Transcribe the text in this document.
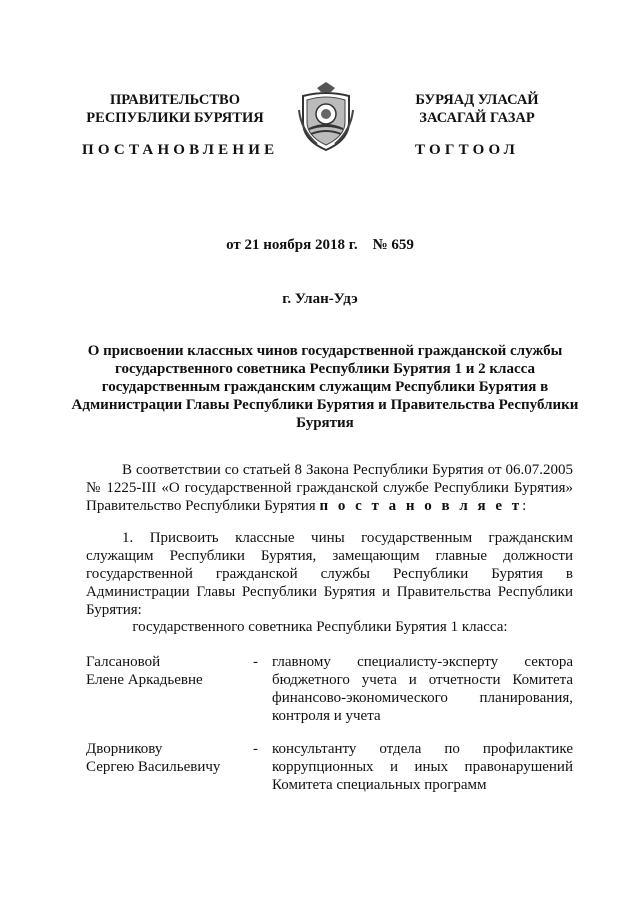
ПРАВИТЕЛЬСТВО
РЕСПУБЛИКИ БУРЯТИЯ
БУРЯАД УЛАСАЙ
ЗАСАГАЙ ГАЗАР
ПОСТАНОВЛЕНИЕ	ТОГТООЛ
от 21 ноября 2018 г.    № 659
г. Улан-Удэ
О присвоении классных чинов государственной гражданской службы государственного советника Республики Бурятия 1 и 2 класса государственным гражданским служащим Республики Бурятия в Администрации Главы Республики Бурятия и Правительства Республики Бурятия
В соответствии со статьей 8 Закона Республики Бурятия от 06.07.2005 № 1225-III «О государственной гражданской службе Республики Бурятия» Правительство Республики Бурятия п о с т а н о в л я е т:
1. Присвоить классные чины государственным гражданским служащим Республики Бурятия, замещающим главные должности государственной гражданской службы Республики Бурятия в Администрации Главы Республики Бурятия и Правительства Республики Бурятия:
государственного советника Республики Бурятия 1 класса:
Галсановой
Елене Аркадьевне
- главному специалисту-эксперту сектора бюджетного учета и отчетности Комитета финансово-экономического планирования, контроля и учета
Дворникову
Сергею Васильевичу
- консультанту отдела по профилактике коррупционных и иных правонарушений Комитета специальных программ
